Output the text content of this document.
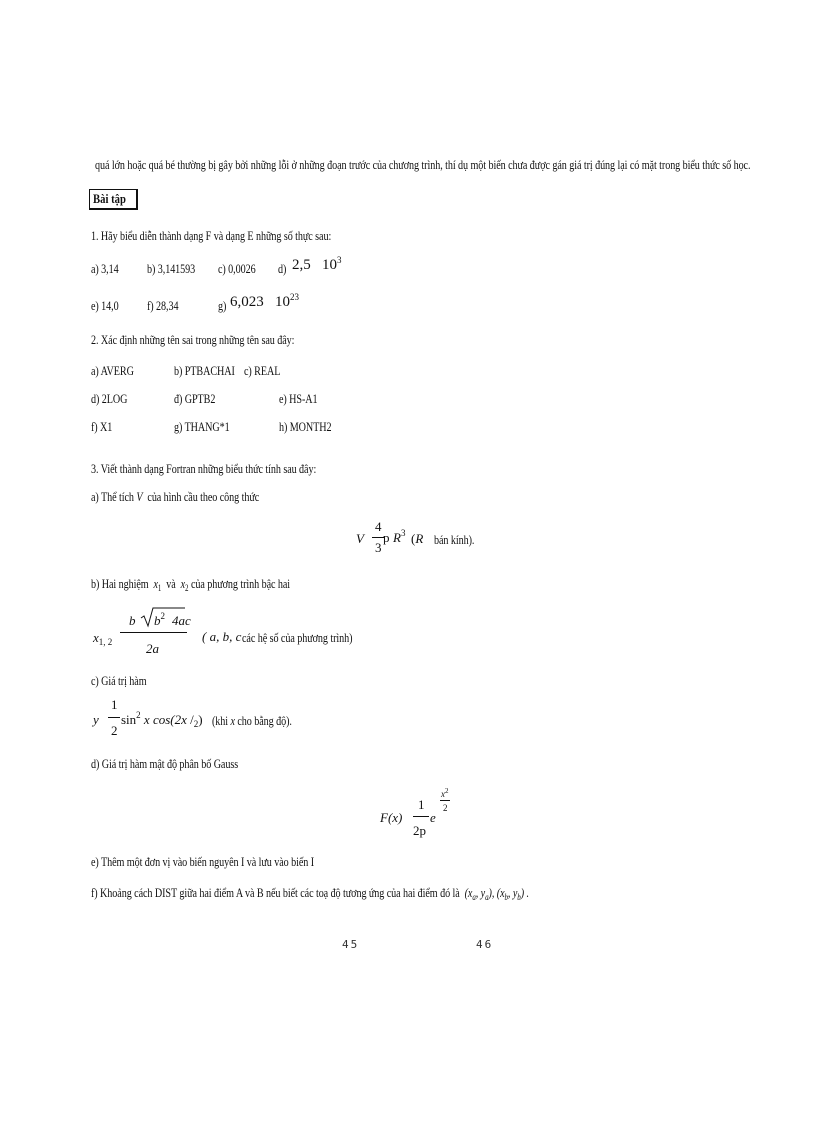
quá lớn hoặc quá bé thường bị gây bởi những lỗi ở những đoạn trước của chương trình, thí dụ một biến chưa được gán giá trị đúng lại có mặt trong biểu thức số học.
Bài tập
1. Hãy biểu diễn thành dạng F và dạng E những số thực sau:
a) 3,14 b) 3,141593 c) 0,0026 d) 2,5 $10^3$
e) 14,0 f) 28,34	g) 6,023 $10^{23}$
2. Xác định những tên sai trong những tên sau đây:
a) AVERG	b) PTBACHAI c) REAL
d) 2LOG	đ) GPTB2	e) HS-A1
f) X1	g) THANG*1	h) MONTH2
3. Viết thành dạng Fortran những biểu thức tính sau đây:
a) Thể tích V của hình cầu theo công thức
V
4
3
p $R^3$ (R bán kính).
b) Hai nghiệm $x_1$ và $x_2$ của phương trình bậc hai
$x_{1, 2}$
b $b^2$ 4ac
2a
( a, b, c các hệ số của phương trình)
c) Giá trị hàm
y
1
2
$\sin^2 x$ cos(2x $/_2$) (khi x cho bằng độ).
d) Giá trị hàm mật độ phân bố Gauss
F(x)
1
2p
e
$x^2$
2
e) Thêm một đơn vị vào biến nguyên I và lưu vào biến I
f) Khoảng cách DIST giữa hai điểm A và B nếu biết các toạ độ tương ứng của hai điểm đó là ($x_a$, $y_a$), ($x_b$, $y_b$) .
45	46
